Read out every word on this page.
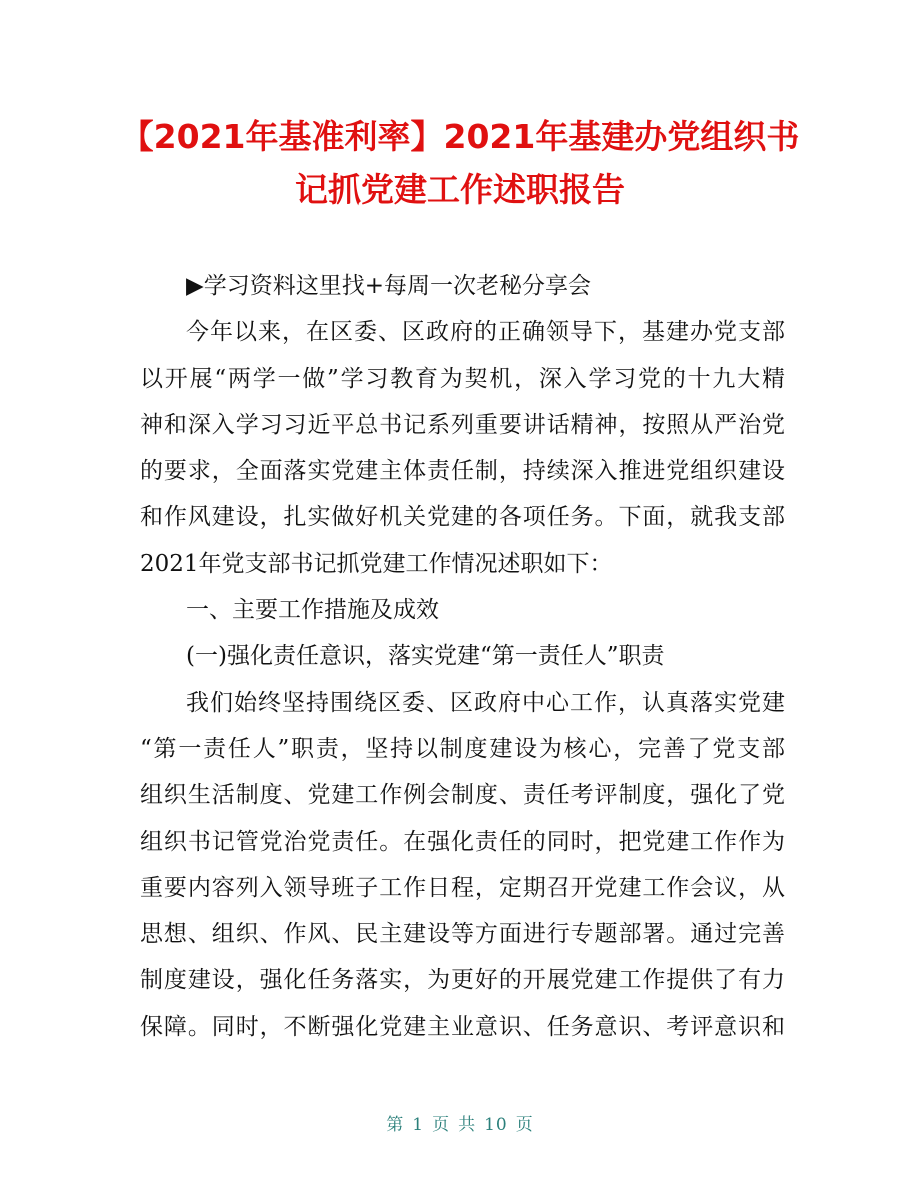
【2021年基准利率】2021年基建办党组织书
记抓党建工作述职报告
▶学习资料这里找+每周一次老秘分享会
今年以来，在区委、区政府的正确领导下，基建办党支部
以开展“两学一做”学习教育为契机，深入学习党的十九大精
神和深入学习习近平总书记系列重要讲话精神，按照从严治党
的要求，全面落实党建主体责任制，持续深入推进党组织建设
和作风建设，扎实做好机关党建的各项任务。下面，就我支部
2021年党支部书记抓党建工作情况述职如下：
一、主要工作措施及成效
(一)强化责任意识，落实党建“第一责任人”职责
我们始终坚持围绕区委、区政府中心工作，认真落实党建
“第一责任人”职责，坚持以制度建设为核心，完善了党支部
组织生活制度、党建工作例会制度、责任考评制度，强化了党
组织书记管党治党责任。在强化责任的同时，把党建工作作为
重要内容列入领导班子工作日程，定期召开党建工作会议，从
思想、组织、作风、民主建设等方面进行专题部署。通过完善
制度建设，强化任务落实，为更好的开展党建工作提供了有力
保障。同时，不断强化党建主业意识、任务意识、考评意识和
第 1 页 共 10 页
